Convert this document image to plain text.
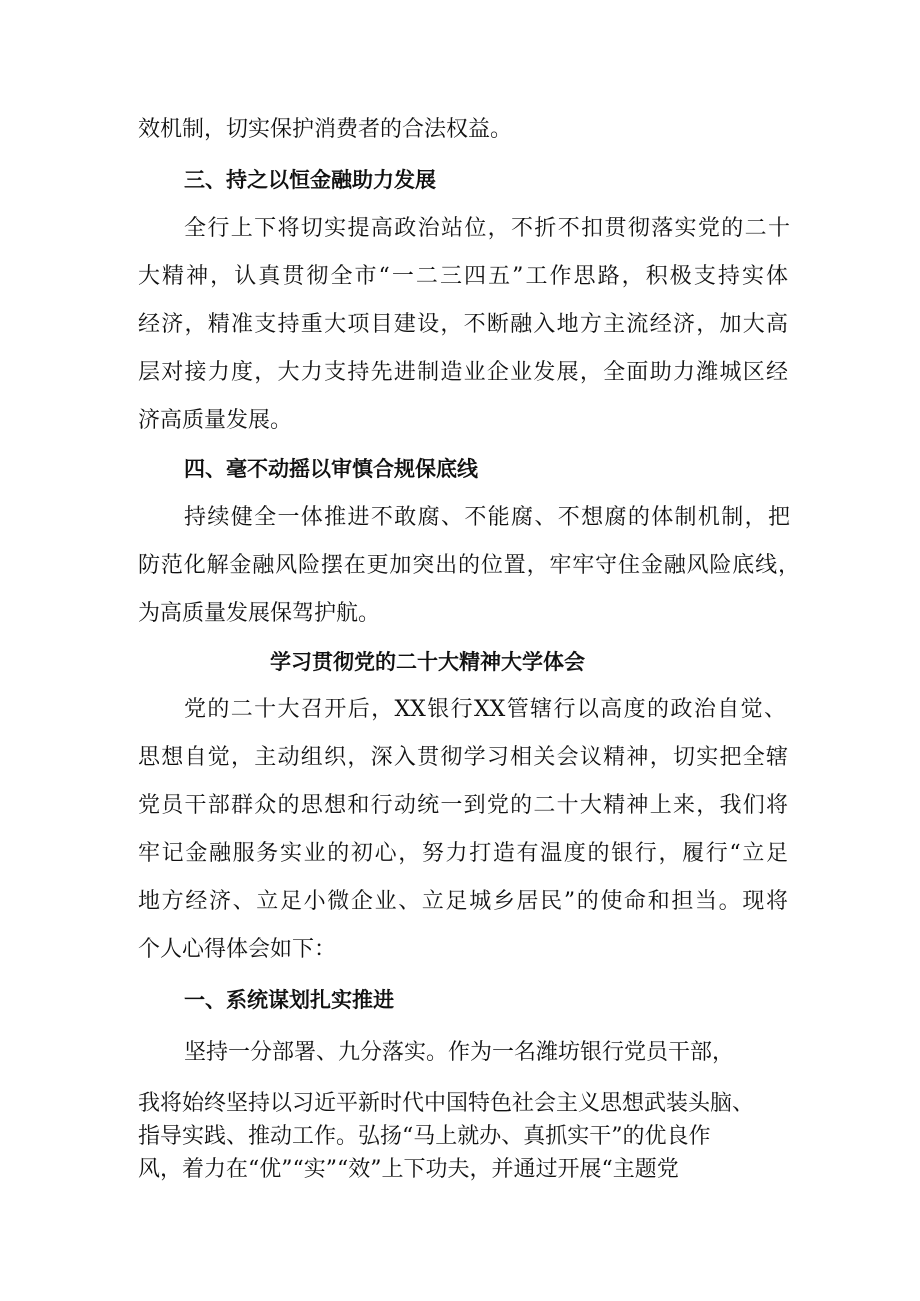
效机制，切实保护消费者的合法权益。
三、持之以恒金融助力发展
全行上下将切实提高政治站位，不折不扣贯彻落实党的二十
大精神，认真贯彻全市“一二三四五”工作思路，积极支持实体
经济，精准支持重大项目建设，不断融入地方主流经济，加大高
层对接力度，大力支持先进制造业企业发展，全面助力潍城区经
济高质量发展。
四、毫不动摇以审慎合规保底线
持续健全一体推进不敢腐、不能腐、不想腐的体制机制，把
防范化解金融风险摆在更加突出的位置，牢牢守住金融风险底线，
为高质量发展保驾护航。
学习贯彻党的二十大精神大学体会
党的二十大召开后，XX银行XX管辖行以高度的政治自觉、
思想自觉，主动组织，深入贯彻学习相关会议精神，切实把全辖
党员干部群众的思想和行动统一到党的二十大精神上来，我们将
牢记金融服务实业的初心，努力打造有温度的银行，履行“立足
地方经济、立足小微企业、立足城乡居民”的使命和担当。现将
个人心得体会如下：
一、系统谋划扎实推进
坚持一分部署、九分落实。作为一名潍坊银行党员干部，
我将始终坚持以习近平新时代中国特色社会主义思想武装头脑、
指导实践、推动工作。弘扬“马上就办、真抓实干”的优良作
风，着力在“优”“实”“效”上下功夫，并通过开展“主题党
